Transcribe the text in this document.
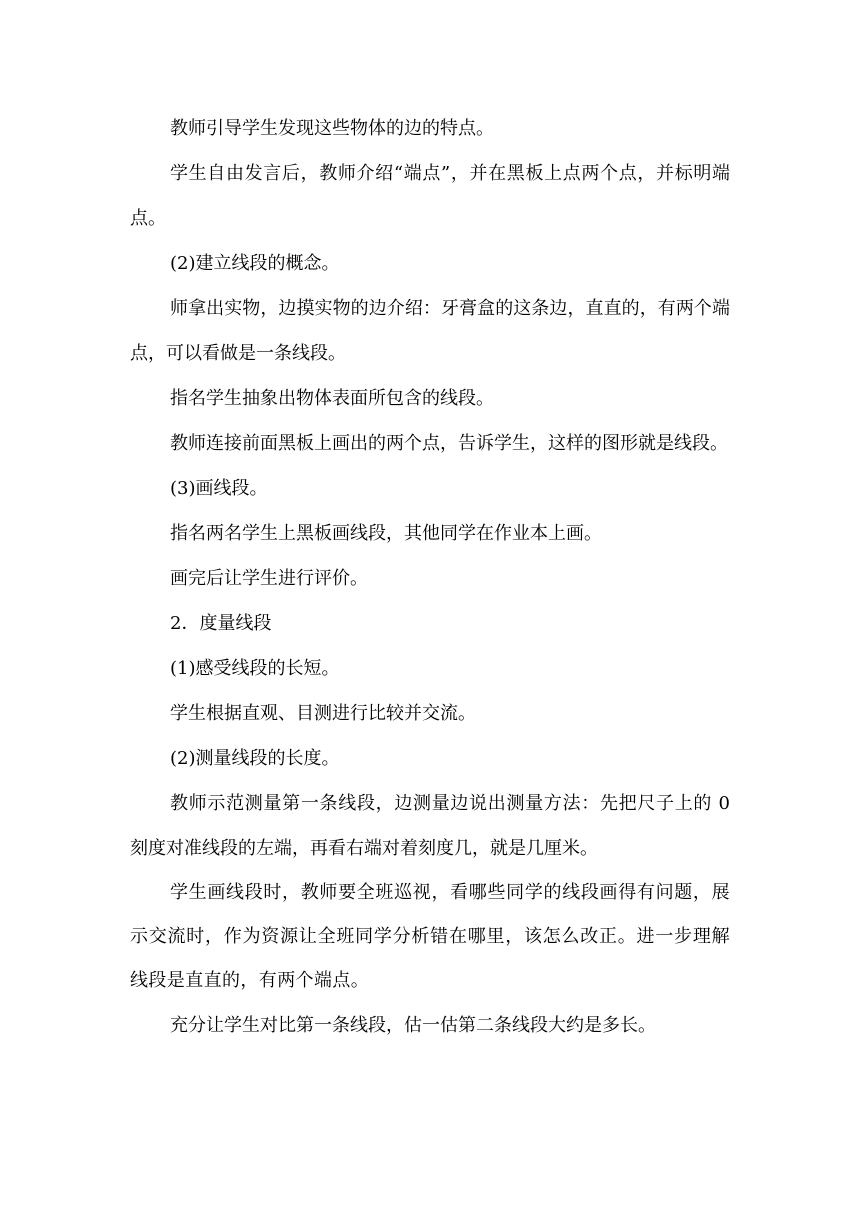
教师引导学生发现这些物体的边的特点。

学生自由发言后，教师介绍“端点”，并在黑板上点两个点，并标明端点。

(2)建立线段的概念。

师拿出实物，边摸实物的边介绍：牙膏盒的这条边，直直的，有两个端点，可以看做是一条线段。

指名学生抽象出物体表面所包含的线段。

教师连接前面黑板上画出的两个点，告诉学生，这样的图形就是线段。

(3)画线段。

指名两名学生上黑板画线段，其他同学在作业本上画。

画完后让学生进行评价。

2．度量线段

(1)感受线段的长短。

学生根据直观、目测进行比较并交流。

(2)测量线段的长度。

教师示范测量第一条线段，边测量边说出测量方法：先把尺子上的 0 刻度对准线段的左端，再看右端对着刻度几，就是几厘米。

学生画线段时，教师要全班巡视，看哪些同学的线段画得有问题，展示交流时，作为资源让全班同学分析错在哪里，该怎么改正。进一步理解线段是直直的，有两个端点。

充分让学生对比第一条线段，估一估第二条线段大约是多长。
